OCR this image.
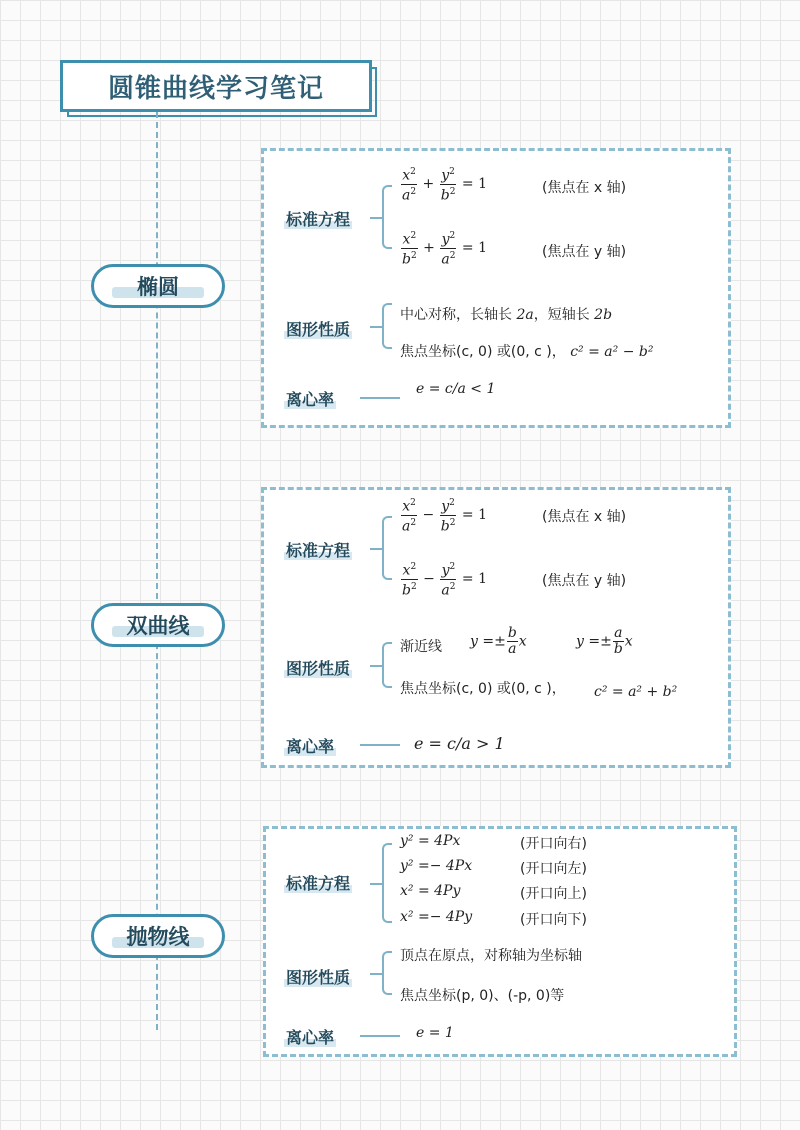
圆锥曲线学习笔记
椭圆
标准方程
$\frac{x^2}{a^2} + \frac{y^2}{b^2} = 1$	(焦点在 x 轴)
$\frac{x^2}{b^2} + \frac{y^2}{a^2} = 1$	(焦点在 y 轴)
图形性质
中心对称，长轴长 2a，短轴长 2b
焦点坐标(c, 0) 或(0, c )， c² = a² − b²
离心率
e = c/a < 1
双曲线
标准方程
$\frac{x^2}{a^2} - \frac{y^2}{b^2} = 1$	(焦点在 x 轴)
$\frac{x^2}{b^2} - \frac{y^2}{a^2} = 1$	(焦点在 y 轴)
图形性质
渐近线 $y =\pm \frac{b}{a}$ x	$y =\pm \frac{a}{b}$ x
焦点坐标(c, 0) 或(0, c )， c² = a² + b²
离心率	e = c/a > 1
抛物线
标准方程
y² = 4Px	(开口向右)
y² =− 4Px	(开口向左)
x² = 4Py	(开口向上)
x² =− 4Py	(开口向下)
图形性质
顶点在原点，对称轴为坐标轴
焦点坐标(p, 0)、(-p, 0)等
离心率	e = 1
